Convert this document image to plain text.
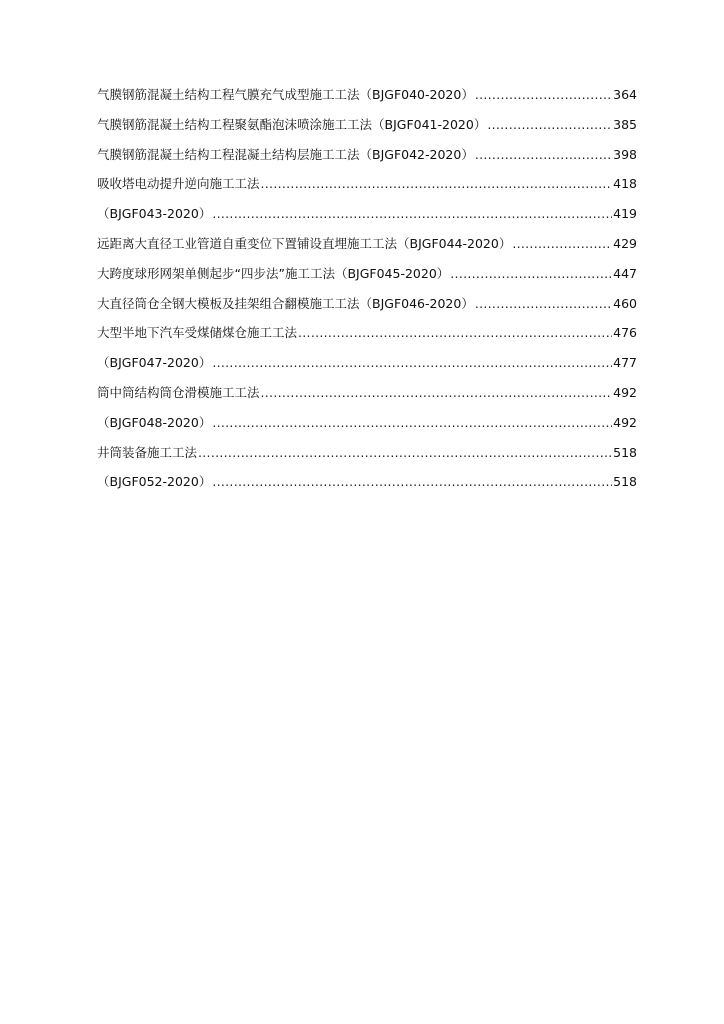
气膜钢筋混凝土结构工程气膜充气成型施工工法（BJGF040-2020） .....	364
气膜钢筋混凝土结构工程聚氨酯泡沫喷涂施工工法（BJGF041-2020） .....	385
气膜钢筋混凝土结构工程混凝土结构层施工工法（BJGF042-2020） .....	398
吸收塔电动提升逆向施工工法 .....	418
（BJGF043-2020） .....	419
远距离大直径工业管道自重变位下置铺设直埋施工工法（BJGF044-2020） .....	429
大跨度球形网架单侧起步“四步法”施工工法（BJGF045-2020） .....	447
大直径筒仓全钢大模板及挂架组合翻模施工工法（BJGF046-2020） .....	460
大型半地下汽车受煤储煤仓施工工法 .....	476
（BJGF047-2020） .....	477
筒中筒结构筒仓滑模施工工法 .....	492
（BJGF048-2020） .....	492
井筒装备施工工法 .....	518
（BJGF052-2020） .....	518
